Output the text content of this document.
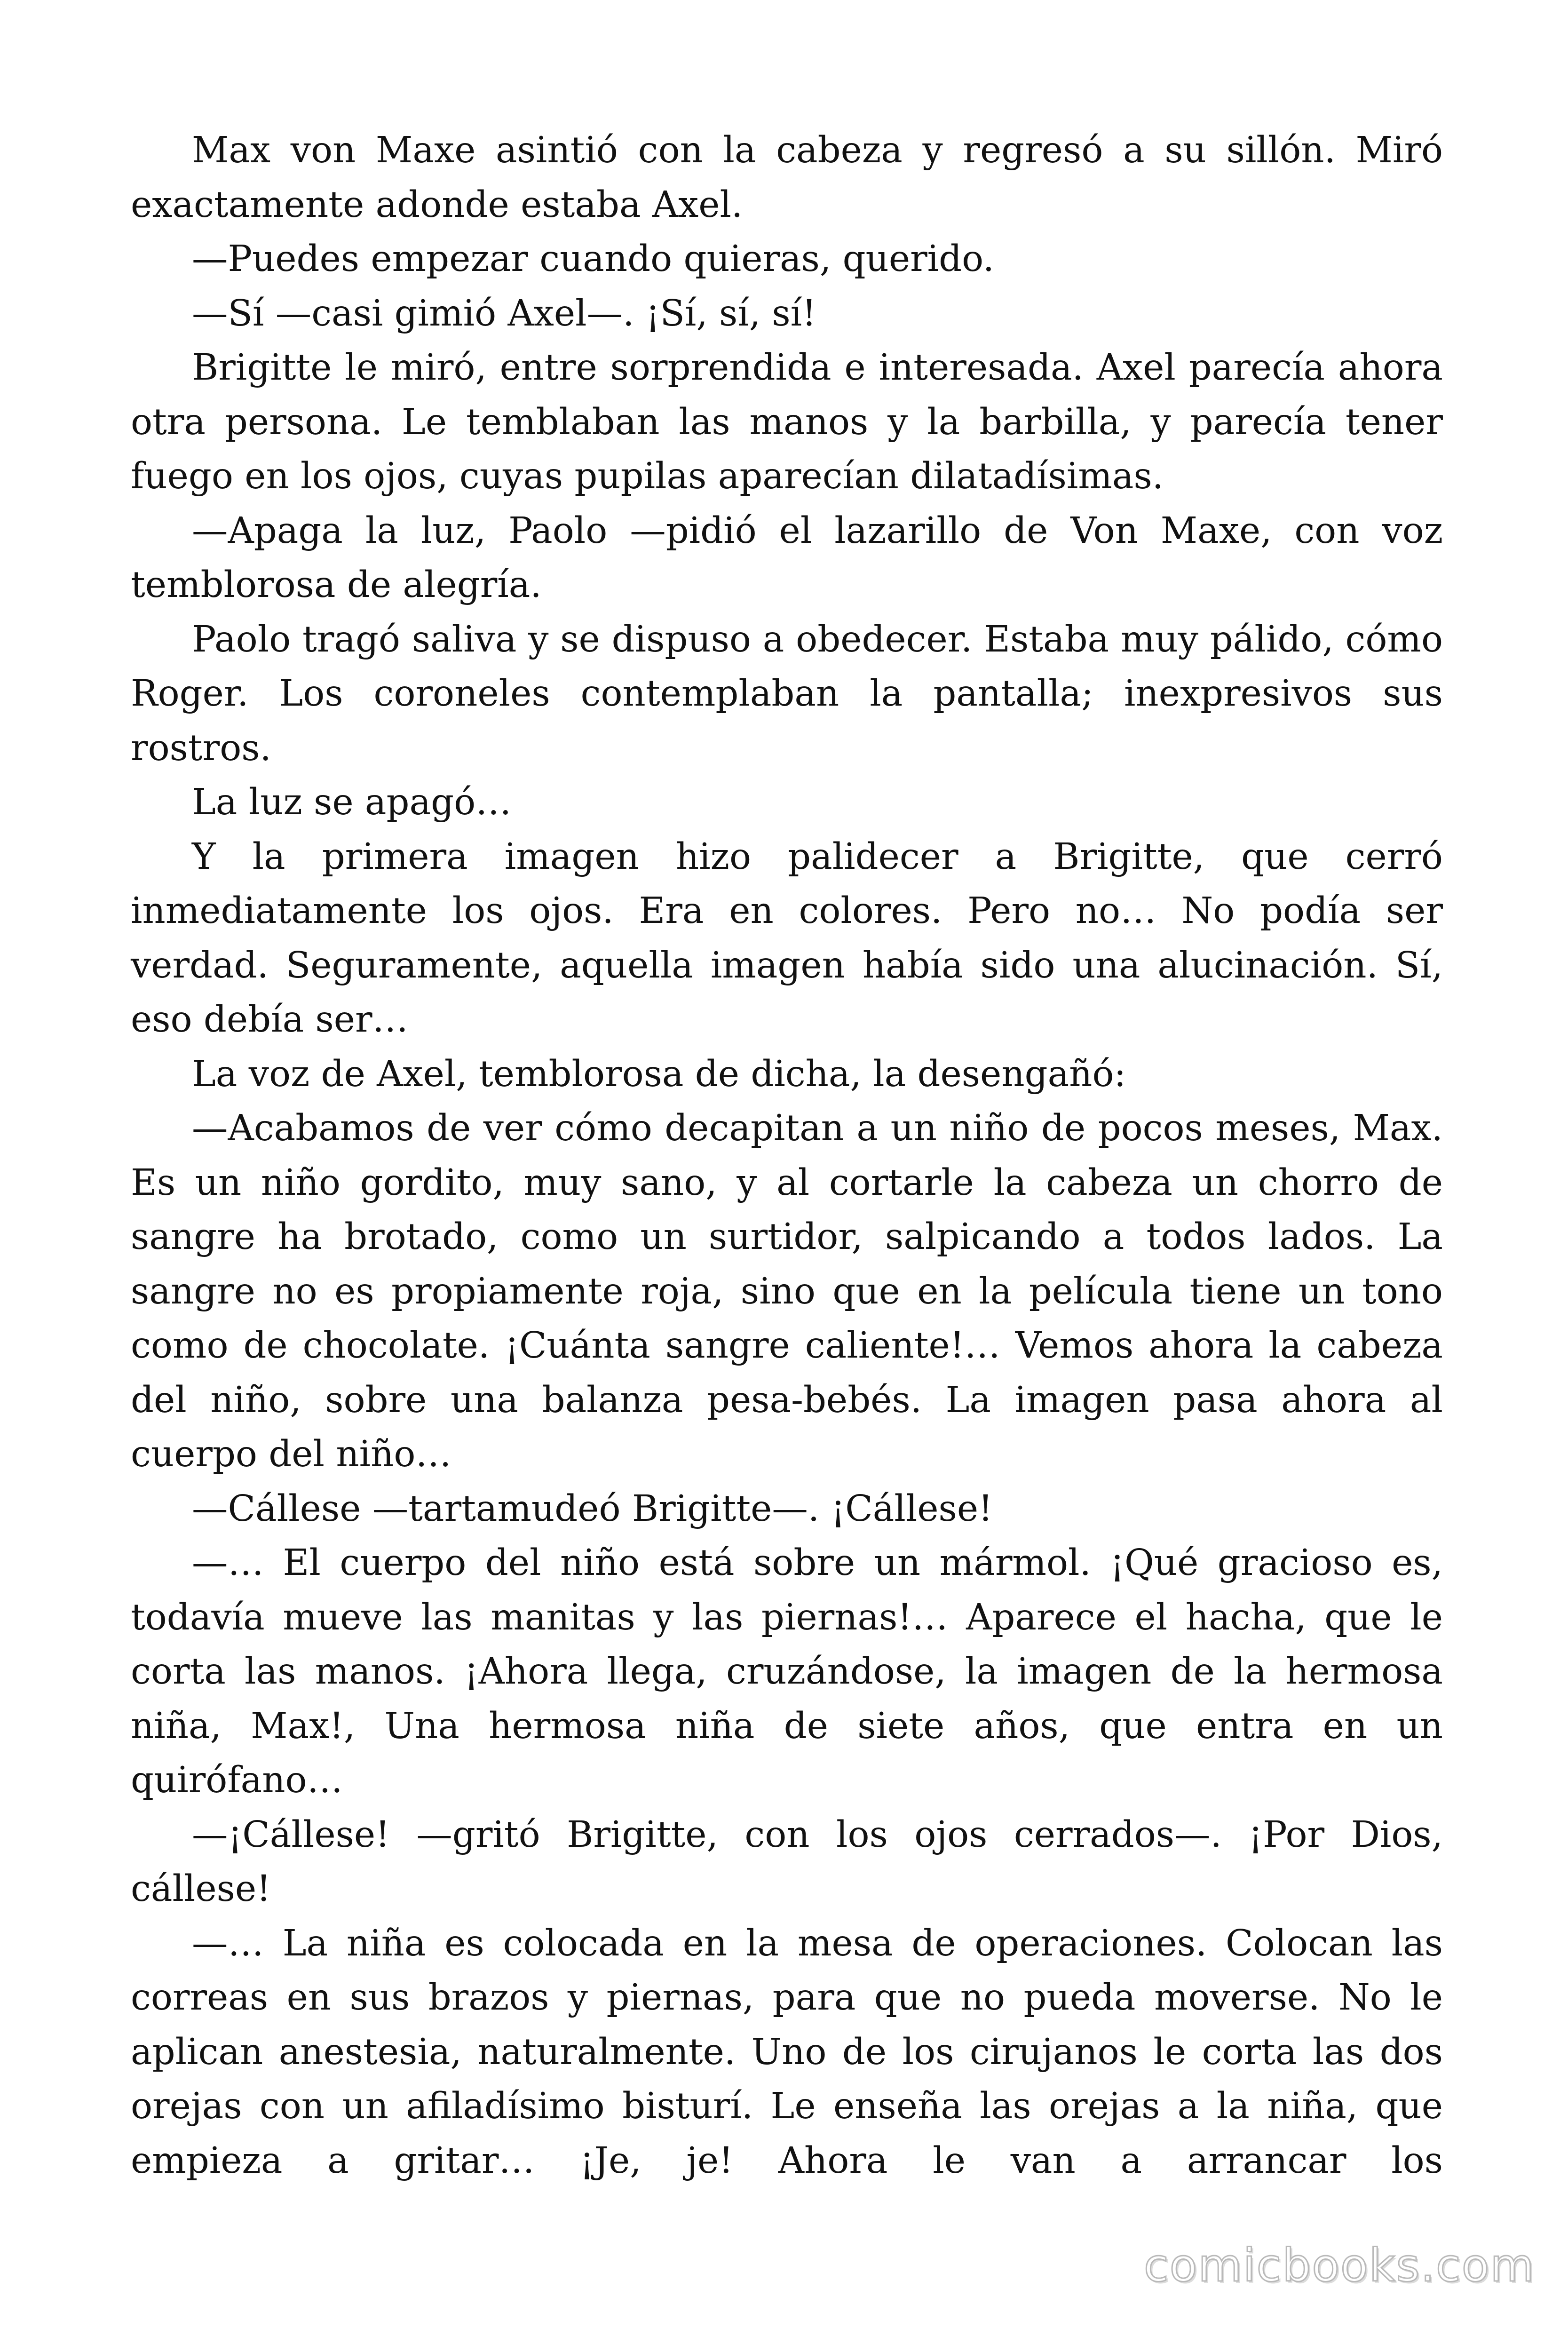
Max von Maxe asintió con la cabeza y regresó a su sillón. Miró exactamente adonde estaba Axel.

—Puedes empezar cuando quieras, querido.

—Sí —casi gimió Axel—. ¡Sí, sí, sí!

Brigitte le miró, entre sorprendida e interesada. Axel parecía ahora otra persona. Le temblaban las manos y la barbilla, y parecía tener fuego en los ojos, cuyas pupilas aparecían dilatadísimas.

—Apaga la luz, Paolo —pidió el lazarillo de Von Maxe, con voz temblorosa de alegría.

Paolo tragó saliva y se dispuso a obedecer. Estaba muy pálido, cómo Roger. Los coroneles contemplaban la pantalla; inexpresivos sus rostros.

La luz se apagó…

Y la primera imagen hizo palidecer a Brigitte, que cerró inmediatamente los ojos. Era en colores. Pero no… No podía ser verdad. Seguramente, aquella imagen había sido una alucinación. Sí, eso debía ser…

La voz de Axel, temblorosa de dicha, la desengañó:

—Acabamos de ver cómo decapitan a un niño de pocos meses, Max. Es un niño gordito, muy sano, y al cortarle la cabeza un chorro de sangre ha brotado, como un surtidor, salpicando a todos lados. La sangre no es propiamente roja, sino que en la película tiene un tono como de chocolate. ¡Cuánta sangre caliente!… Vemos ahora la cabeza del niño, sobre una balanza pesa-bebés. La imagen pasa ahora al cuerpo del niño…

—Cállese —tartamudeó Brigitte—. ¡Cállese!

—… El cuerpo del niño está sobre un mármol. ¡Qué gracioso es, todavía mueve las manitas y las piernas!… Aparece el hacha, que le corta las manos. ¡Ahora llega, cruzándose, la imagen de la hermosa niña, Max!, Una hermosa niña de siete años, que entra en un quirófano…

—¡Cállese! —gritó Brigitte, con los ojos cerrados—. ¡Por Dios, cállese!

—… La niña es colocada en la mesa de operaciones. Colocan las correas en sus brazos y piernas, para que no pueda moverse. No le aplican anestesia, naturalmente. Uno de los cirujanos le corta las dos orejas con un afiladísimo bisturí. Le enseña las orejas a la niña, que empieza a gritar… ¡Je, je! Ahora le van a arrancar los

comicbooks.com
